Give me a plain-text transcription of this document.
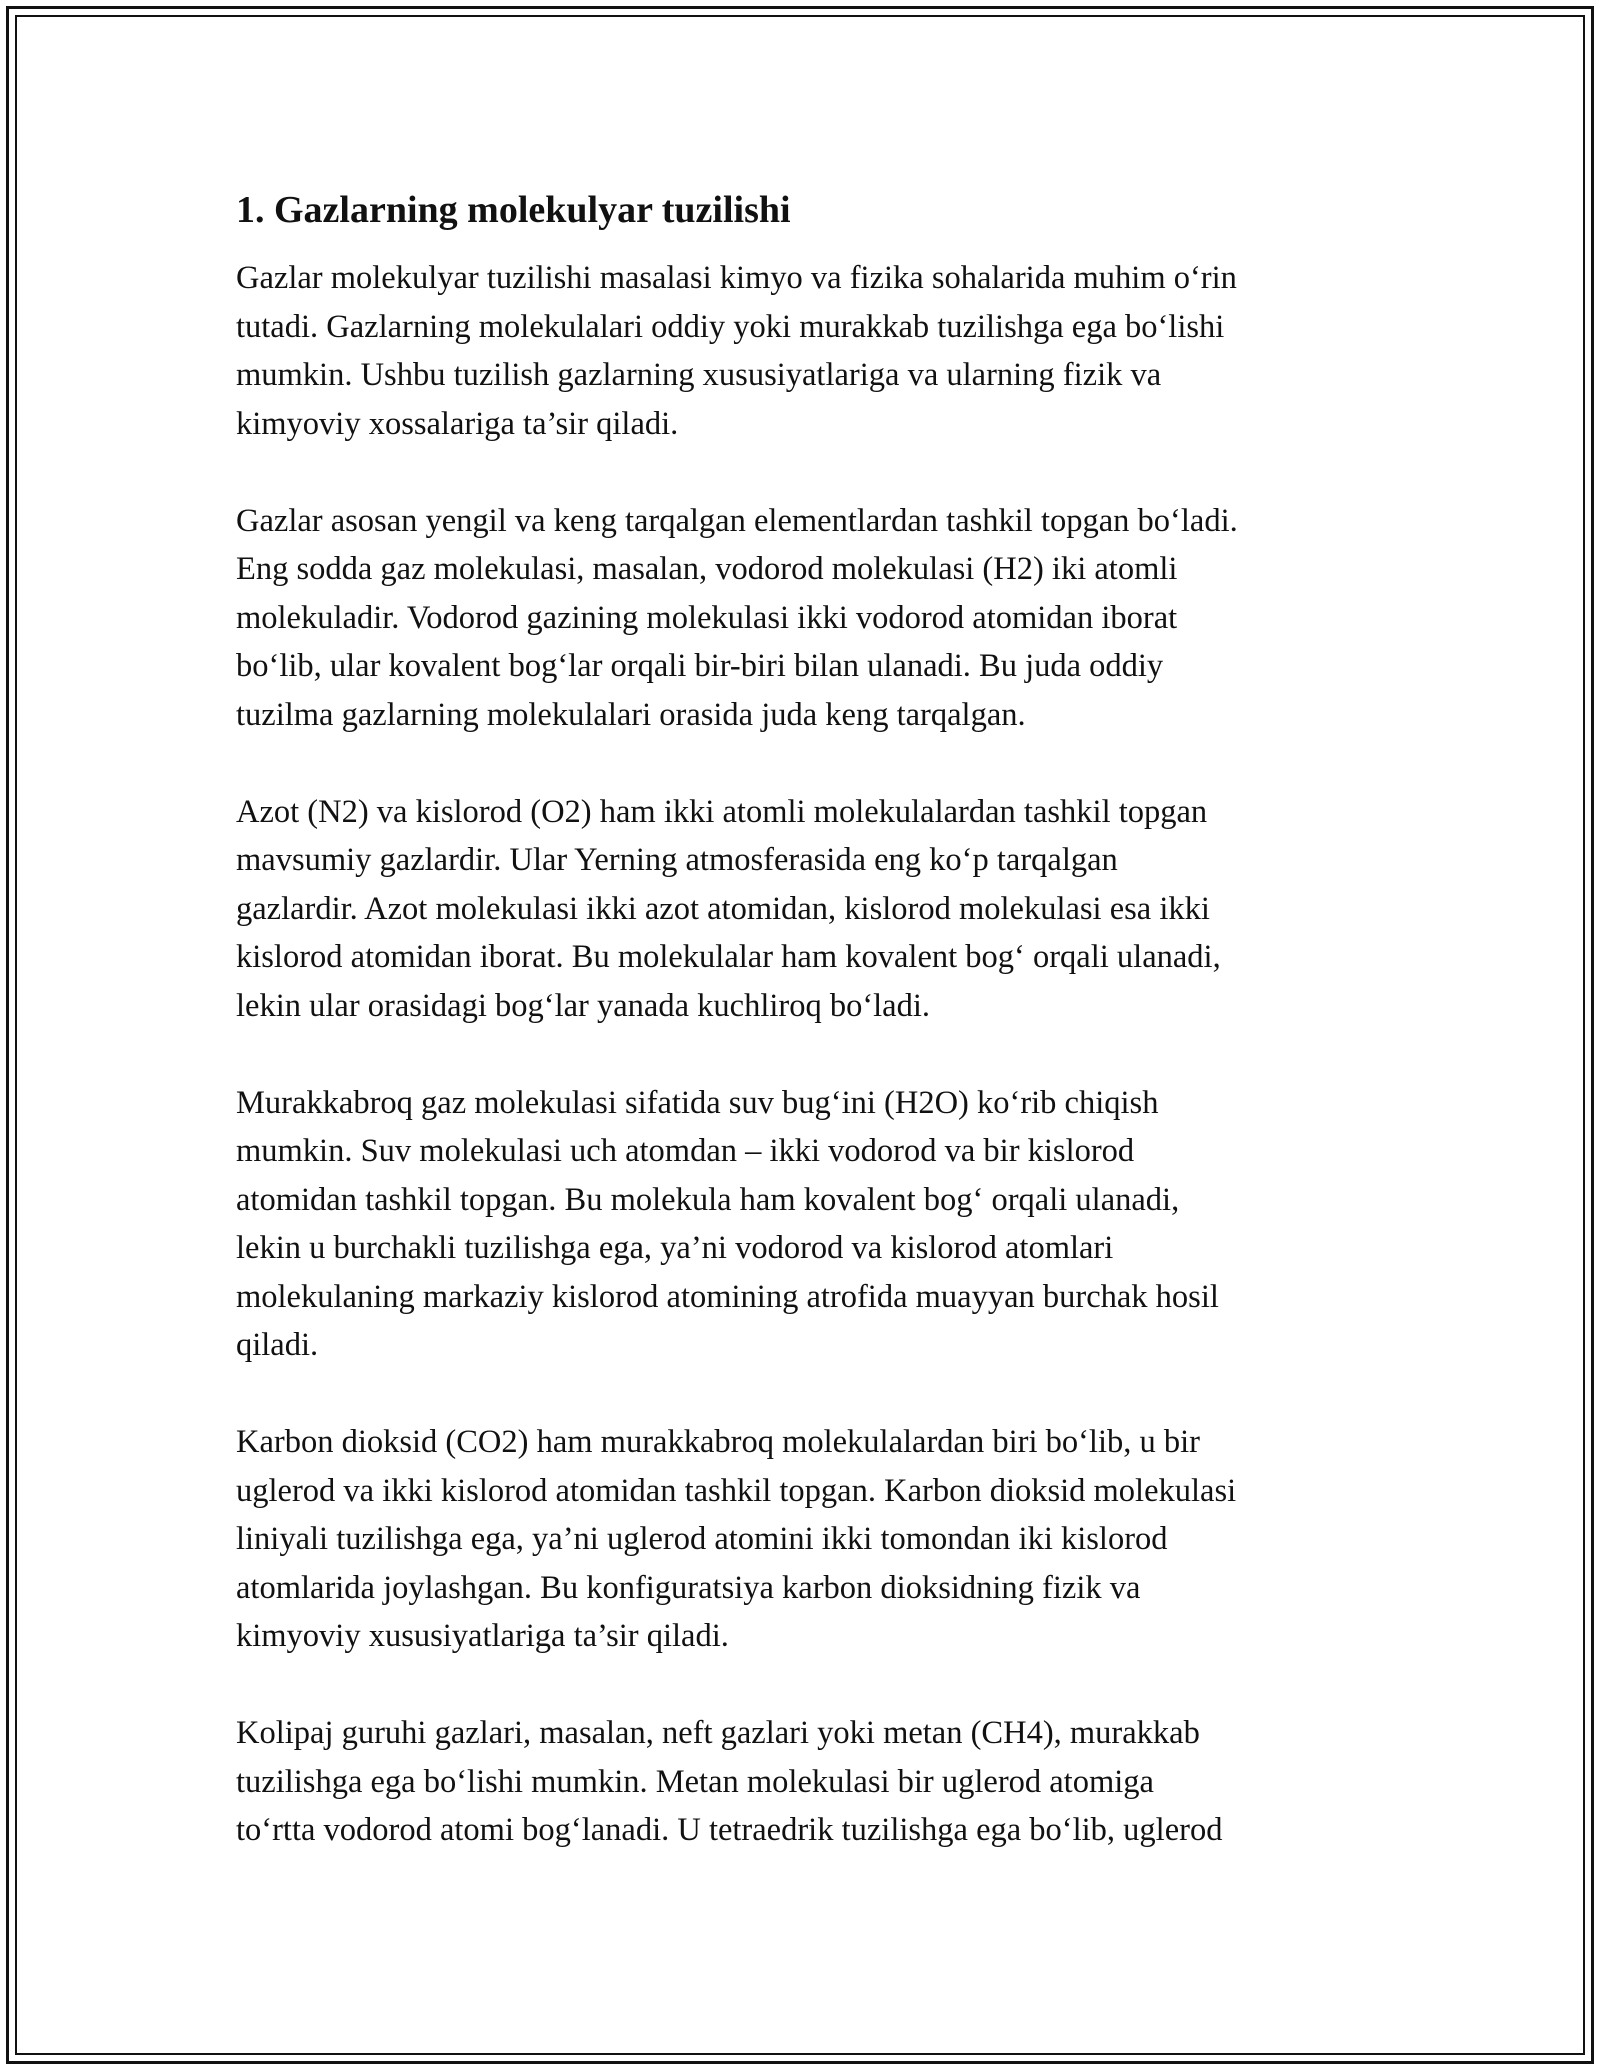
1. Gazlarning molekulyar tuzilishi

Gazlar molekulyar tuzilishi masalasi kimyo va fizika sohalarida muhim o‘rin
tutadi. Gazlarning molekulalari oddiy yoki murakkab tuzilishga ega bo‘lishi
mumkin. Ushbu tuzilish gazlarning xususiyatlariga va ularning fizik va
kimyoviy xossalariga ta’sir qiladi.

Gazlar asosan yengil va keng tarqalgan elementlardan tashkil topgan bo‘ladi.
Eng sodda gaz molekulasi, masalan, vodorod molekulasi (H2) iki atomli
molekuladir. Vodorod gazining molekulasi ikki vodorod atomidan iborat
bo‘lib, ular kovalent bog‘lar orqali bir-biri bilan ulanadi. Bu juda oddiy
tuzilma gazlarning molekulalari orasida juda keng tarqalgan.

Azot (N2) va kislorod (O2) ham ikki atomli molekulalardan tashkil topgan
mavsumiy gazlardir. Ular Yerning atmosferasida eng ko‘p tarqalgan
gazlardir. Azot molekulasi ikki azot atomidan, kislorod molekulasi esa ikki
kislorod atomidan iborat. Bu molekulalar ham kovalent bog‘ orqali ulanadi,
lekin ular orasidagi bog‘lar yanada kuchliroq bo‘ladi.

Murakkabroq gaz molekulasi sifatida suv bug‘ini (H2O) ko‘rib chiqish
mumkin. Suv molekulasi uch atomdan – ikki vodorod va bir kislorod
atomidan tashkil topgan. Bu molekula ham kovalent bog‘ orqali ulanadi,
lekin u burchakli tuzilishga ega, ya’ni vodorod va kislorod atomlari
molekulaning markaziy kislorod atomining atrofida muayyan burchak hosil
qiladi.

Karbon dioksid (CO2) ham murakkabroq molekulalardan biri bo‘lib, u bir
uglerod va ikki kislorod atomidan tashkil topgan. Karbon dioksid molekulasi
liniyali tuzilishga ega, ya’ni uglerod atomini ikki tomondan iki kislorod
atomlarida joylashgan. Bu konfiguratsiya karbon dioksidning fizik va
kimyoviy xususiyatlariga ta’sir qiladi.

Kolipaj guruhi gazlari, masalan, neft gazlari yoki metan (CH4), murakkab
tuzilishga ega bo‘lishi mumkin. Metan molekulasi bir uglerod atomiga
to‘rtta vodorod atomi bog‘lanadi. U tetraedrik tuzilishga ega bo‘lib, uglerod
